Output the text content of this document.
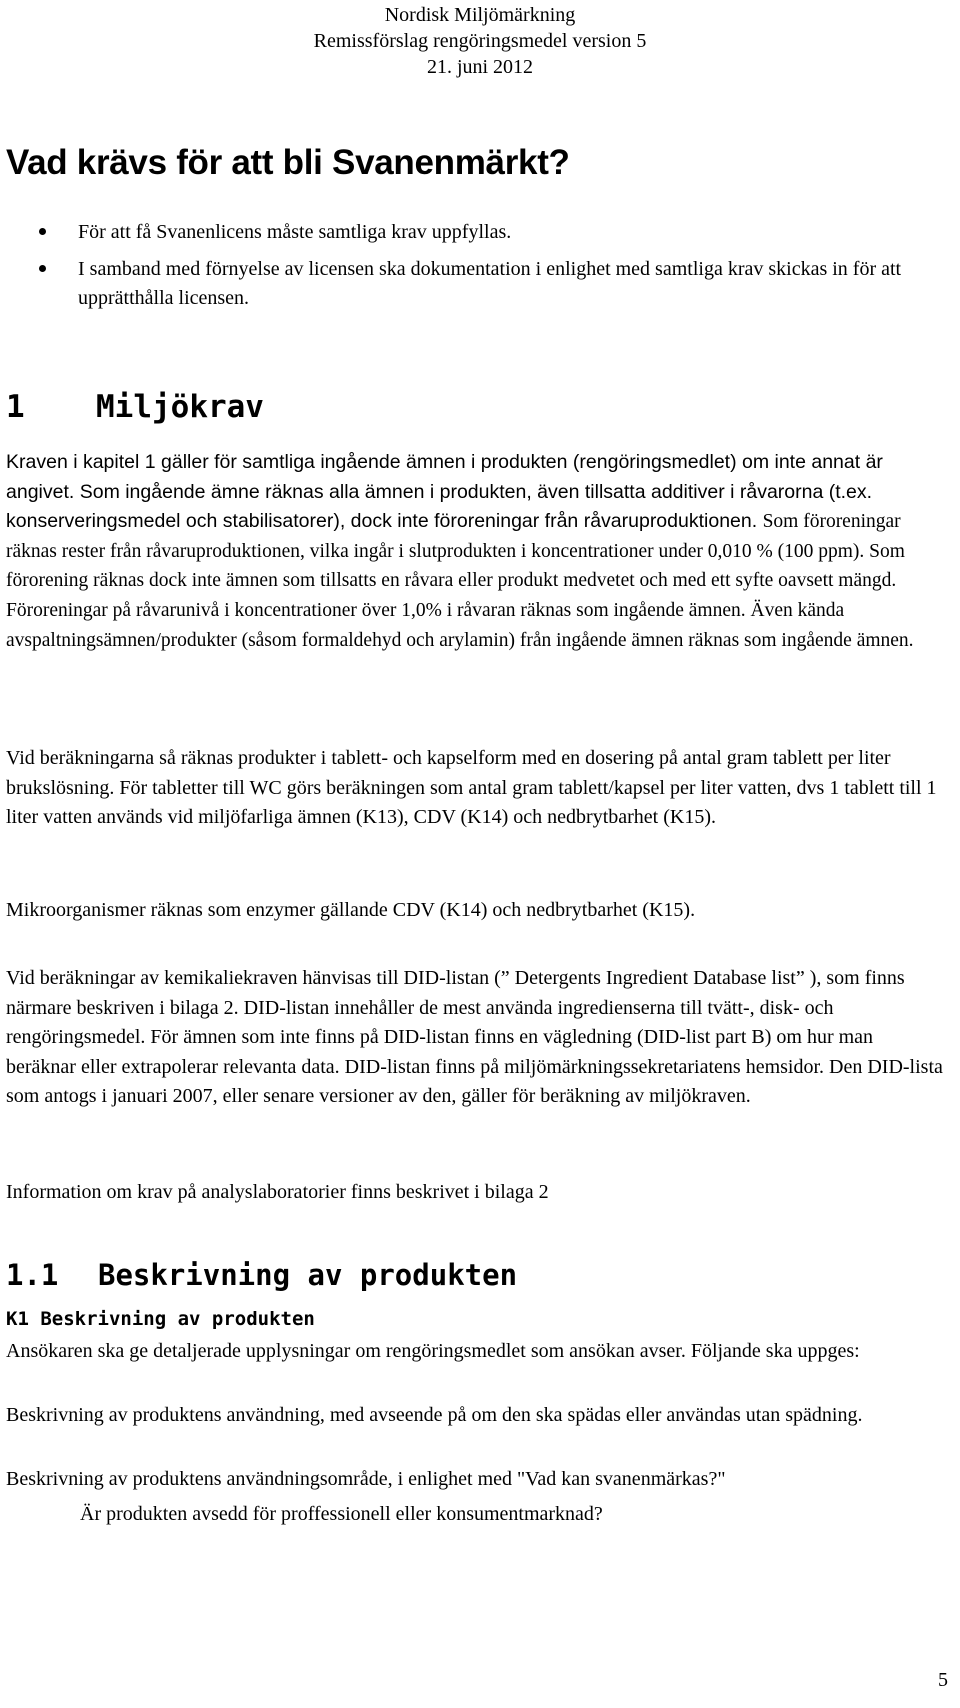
Nordisk Miljömärkning
Remissförslag rengöringsmedel version 5
21. juni 2012
Vad krävs för att bli Svanenmärkt?
För att få Svanenlicens måste samtliga krav uppfyllas.
I samband med förnyelse av licensen ska dokumentation i enlighet med samtliga krav skickas in för att upprätthålla licensen.
1 Miljökrav

Kraven i kapitel 1 gäller för samtliga ingående ämnen i produkten (rengöringsmedlet) om inte annat är angivet. Som ingående ämne räknas alla ämnen i produkten, även tillsatta additiver i råvarorna (t.ex. konserveringsmedel och stabilisatorer), dock inte föroreningar från råvaruproduktionen. Som föroreningar räknas rester från råvaruproduktionen, vilka ingår i slutprodukten i koncentrationer under 0,010 % (100 ppm). Som förorening räknas dock inte ämnen som tillsatts en råvara eller produkt medvetet och med ett syfte oavsett mängd. Föroreningar på råvarunivå i koncentrationer över 1,0% i råvaran räknas som ingående ämnen. Även kända avspaltningsämnen/produkter (såsom formaldehyd och arylamin) från ingående ämnen räknas som ingående ämnen.

Vid beräkningarna så räknas produkter i tablett- och kapselform med en dosering på antal gram tablett per liter brukslösning. För tabletter till WC görs beräkningen som antal gram tablett/kapsel per liter vatten, dvs 1 tablett till 1 liter vatten används vid miljöfarliga ämnen (K13), CDV (K14) och nedbrytbarhet (K15).

Mikroorganismer räknas som enzymer gällande CDV (K14) och nedbrytbarhet (K15).

Vid beräkningar av kemikaliekraven hänvisas till DID-listan (” Detergents Ingredient Database list” ), som finns närmare beskriven i bilaga 2. DID-listan innehåller de mest använda ingredienserna till tvätt-, disk- och rengöringsmedel. För ämnen som inte finns på DID-listan finns en vägledning (DID-list part B) om hur man beräknar eller extrapolerar relevanta data. DID-listan finns på miljömärkningssekretariatens hemsidor. Den DID-lista som antogs i januari 2007, eller senare versioner av den, gäller för beräkning av miljökraven.

Information om krav på analyslaboratorier finns beskrivet i bilaga 2

1.1 Beskrivning av produkten
K1 Beskrivning av produkten

Ansökaren ska ge detaljerade upplysningar om rengöringsmedlet som ansökan avser. Följande ska uppges:

Beskrivning av produktens användning, med avseende på om den ska spädas eller användas utan spädning.

Beskrivning av produktens användningsområde, i enlighet med "Vad kan svanenmärkas?"

Är produkten avsedd för proffessionell eller konsumentmarknad?

5
